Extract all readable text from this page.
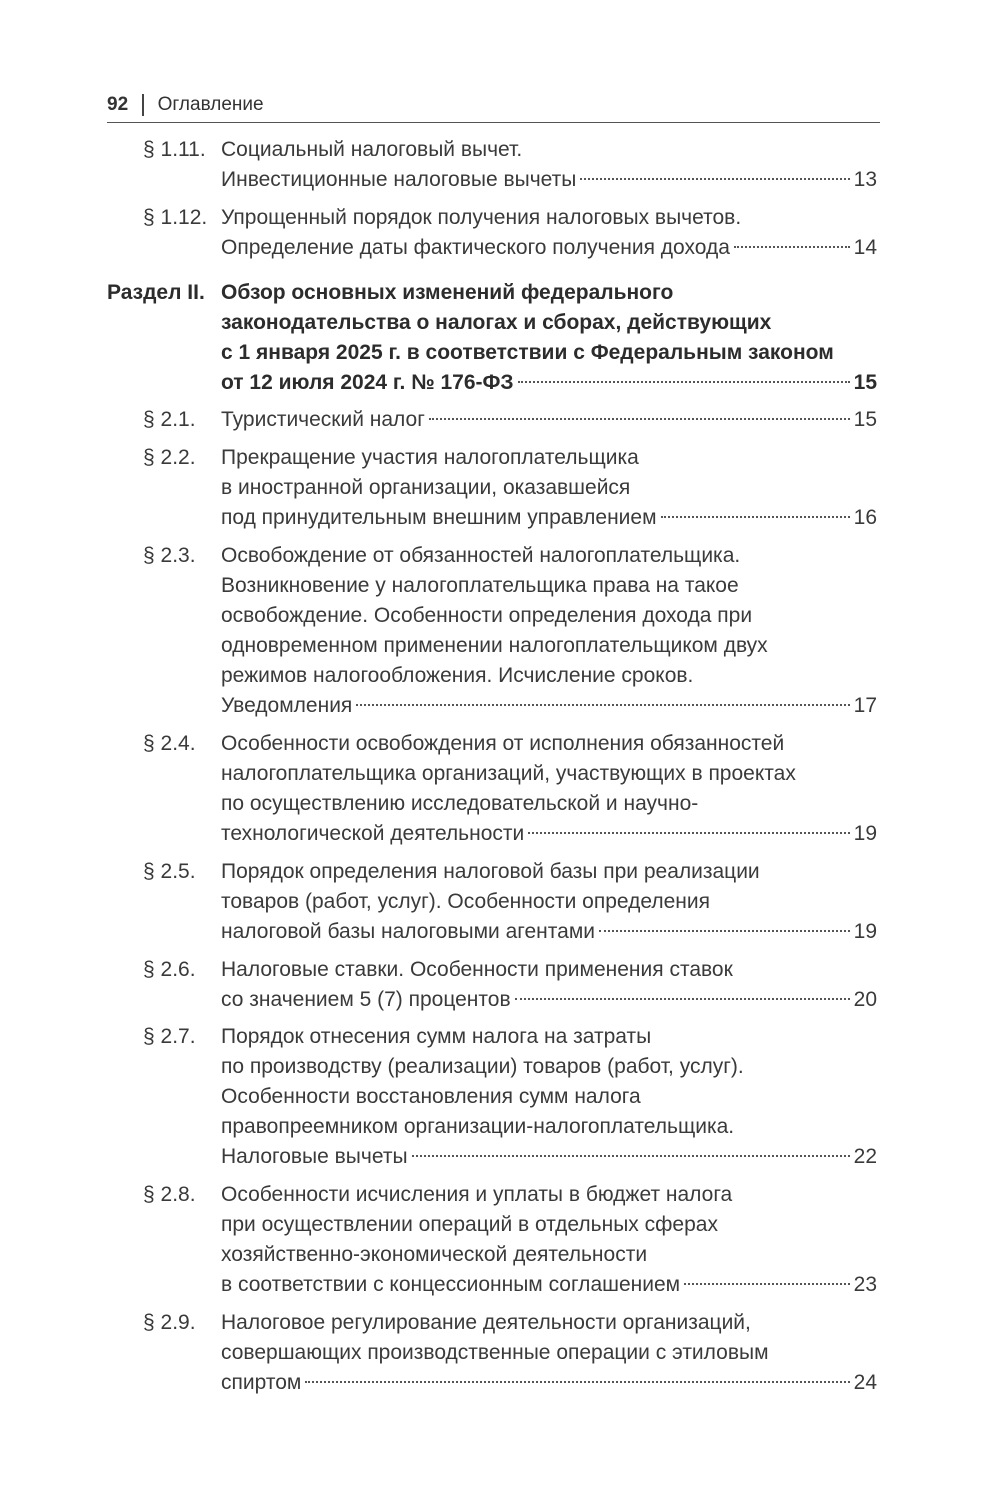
92 Оглавление
§ 1.11. Социальный налоговый вычет.
Инвестиционные налоговые вычеты	13
§ 1.12. Упрощенный порядок получения налоговых вычетов.
Определение даты фактического получения дохода	14
Раздел II. Обзор основных изменений федерального
законодательства о налогах и сборах, действующих
с 1 января 2025 г. в соответствии с Федеральным законом
от 12 июля 2024 г. № 176-ФЗ	15
§ 2.1. Туристический налог	15
§ 2.2. Прекращение участия налогоплательщика
в иностранной организации, оказавшейся
под принудительным внешним управлением	16
§ 2.3. Освобождение от обязанностей налогоплательщика.
Возникновение у налогоплательщика права на такое
освобождение. Особенности определения дохода при
одновременном применении налогоплательщиком двух
режимов налогообложения. Исчисление сроков.
Уведомления	17
§ 2.4. Особенности освобождения от исполнения обязанностей
налогоплательщика организаций, участвующих в проектах
по осуществлению исследовательской и научно-
технологической деятельности	19
§ 2.5. Порядок определения налоговой базы при реализации
товаров (работ, услуг). Особенности определения
налоговой базы налоговыми агентами	19
§ 2.6. Налоговые ставки. Особенности применения ставок
со значением 5 (7) процентов	20
§ 2.7. Порядок отнесения сумм налога на затраты
по производству (реализации) товаров (работ, услуг).
Особенности восстановления сумм налога
правопреемником организации-налогоплательщика.
Налоговые вычеты	22
§ 2.8. Особенности исчисления и уплаты в бюджет налога
при осуществлении операций в отдельных сферах
хозяйственно-экономической деятельности
в соответствии с концессионным соглашением	23
§ 2.9. Налоговое регулирование деятельности организаций,
совершающих производственные операции с этиловым
спиртом	24
